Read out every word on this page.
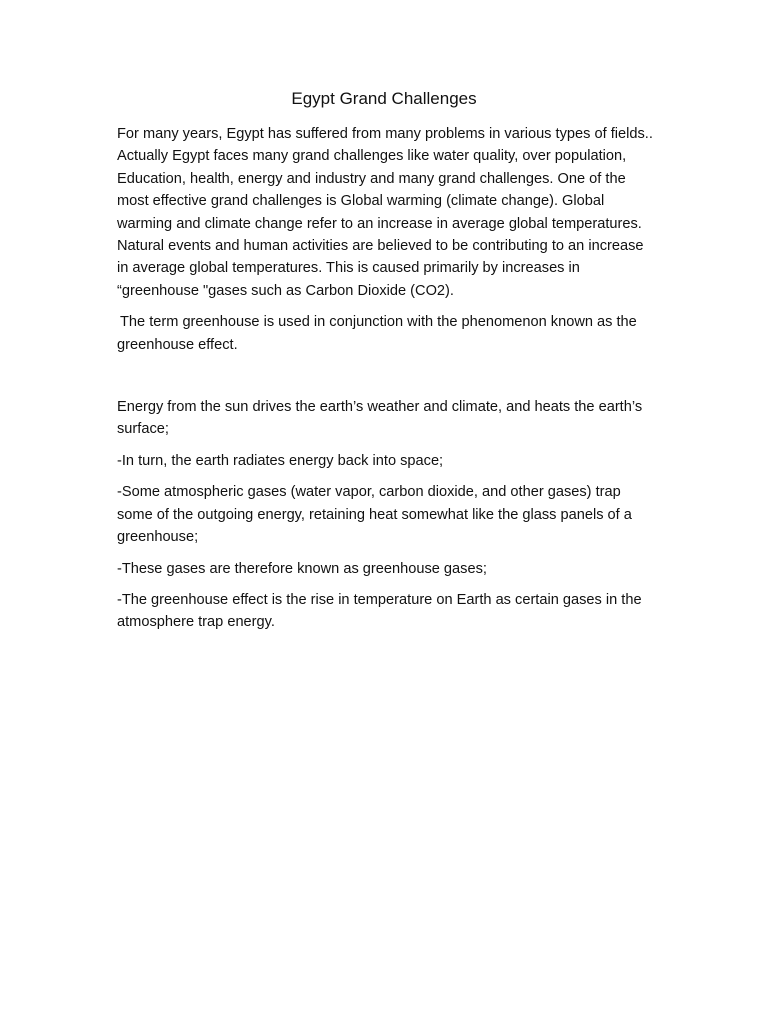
Egypt Grand Challenges

For many years, Egypt has suffered from many problems in various types of fields.. Actually Egypt faces many grand challenges like water quality, over population, Education, health, energy and industry and many grand challenges. One of the most effective grand challenges is Global warming (climate change). Global warming and climate change refer to an increase in average global temperatures. Natural events and human activities are believed to be contributing to an increase in average global temperatures. This is caused primarily by increases in “greenhouse "gases such as Carbon Dioxide (CO2).

The term greenhouse is used in conjunction with the phenomenon known as the greenhouse effect.

Energy from the sun drives the earth’s weather and climate, and heats the earth’s surface;

-In turn, the earth radiates energy back into space;

-Some atmospheric gases (water vapor, carbon dioxide, and other gases) trap some of the outgoing energy, retaining heat somewhat like the glass panels of a greenhouse;

-These gases are therefore known as greenhouse gases;

-The greenhouse effect is the rise in temperature on Earth as certain gases in the atmosphere trap energy.
